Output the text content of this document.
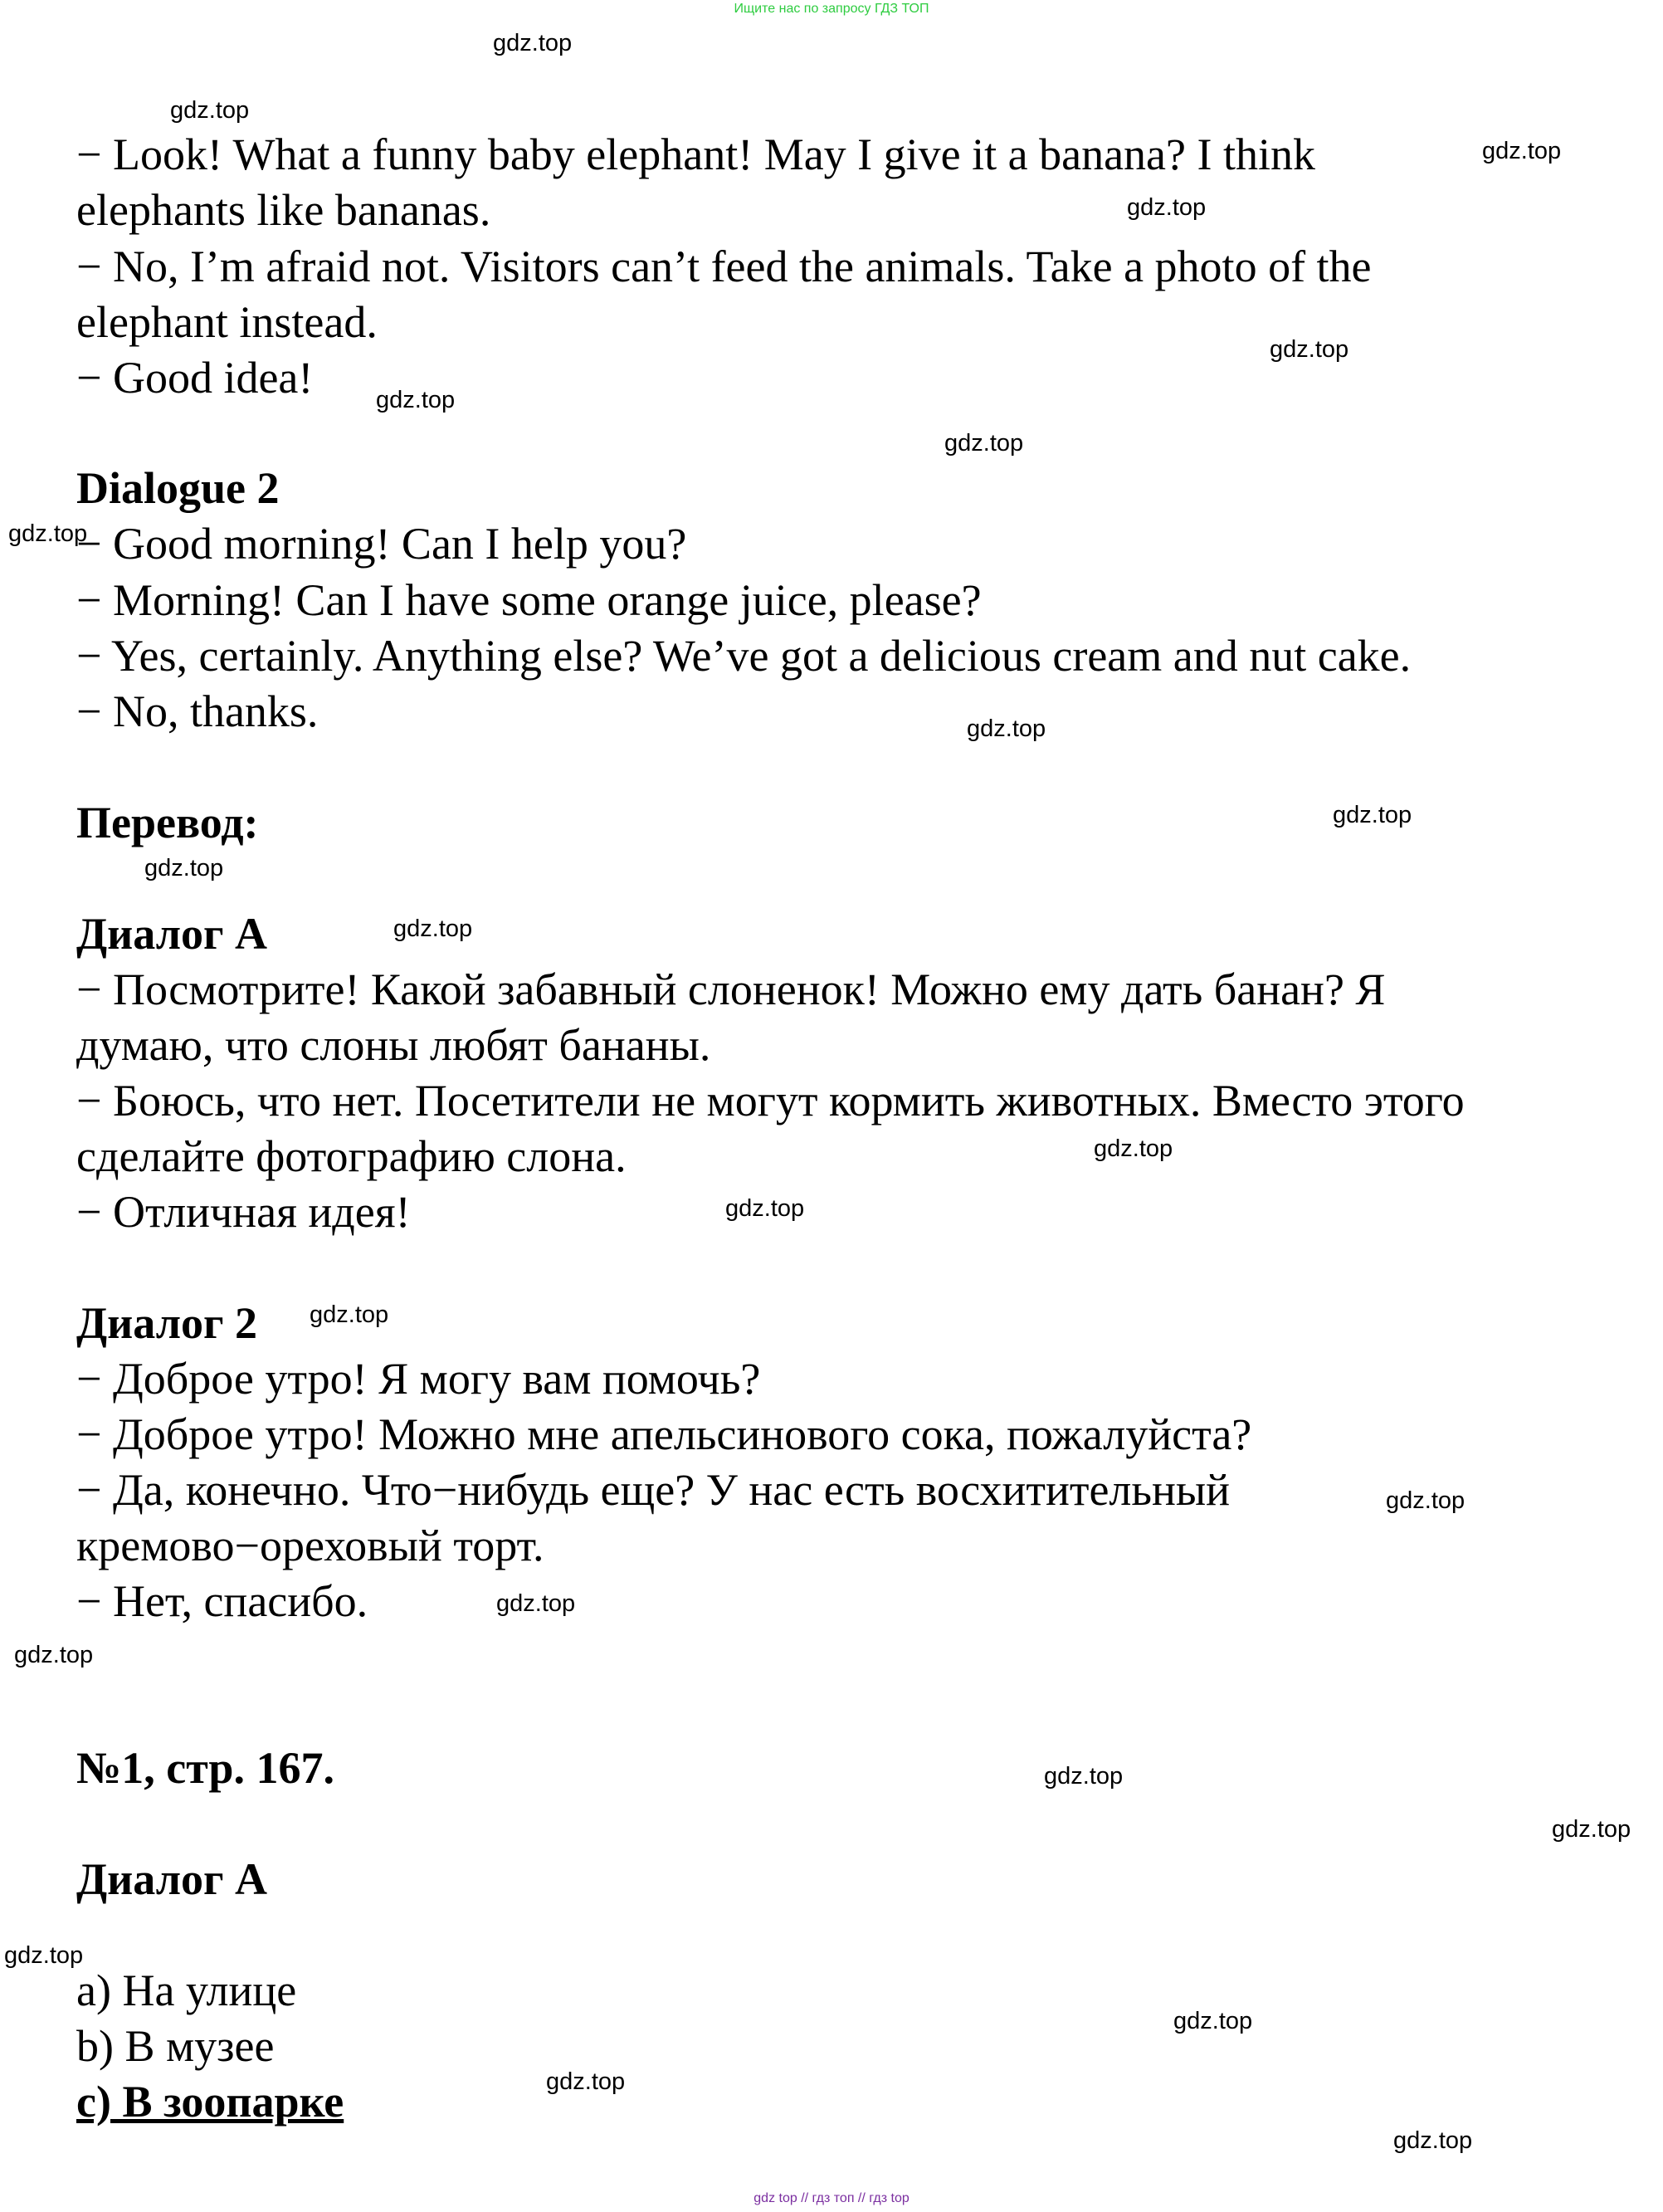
Ищите нас по запросу ГДЗ ТОП
− Look! What a funny baby elephant! May I give it a banana? I think
elephants like bananas.
− No, I’m afraid not. Visitors can’t feed the animals. Take a photo of the
elephant instead.
− Good idea!
Dialogue 2
− Good morning! Can I help you?
− Morning! Can I have some orange juice, please?
− Yes, certainly. Anything else? We’ve got a delicious cream and nut cake.
− No, thanks.
Перевод:
Диалог А
− Посмотрите! Какой забавный слоненок! Можно ему дать банан? Я
думаю, что слоны любят бананы.
− Боюсь, что нет. Посетители не могут кормить животных. Вместо этого
сделайте фотографию слона.
− Отличная идея!
Диалог 2
− Доброе утро! Я могу вам помочь?
− Доброе утро! Можно мне апельсинового сока, пожалуйста?
− Да, конечно. Что−нибудь еще? У нас есть восхитительный
кремово−ореховый торт.
− Нет, спасибо.
№1, стр. 167.
Диалог А
a) На улице
b) В музее
c) В зоопарке
gdz.top
gdz.top
gdz.top
gdz.top
gdz.top
gdz.top
gdz.top
gdz.top
gdz.top
gdz.top
gdz.top
gdz.top
gdz.top
gdz.top
gdz.top
gdz.top
gdz.top
gdz.top
gdz.top
gdz.top
gdz.top
gdz.top
gdz.top
gdz.top
gdz top // гдз топ // гдз top
